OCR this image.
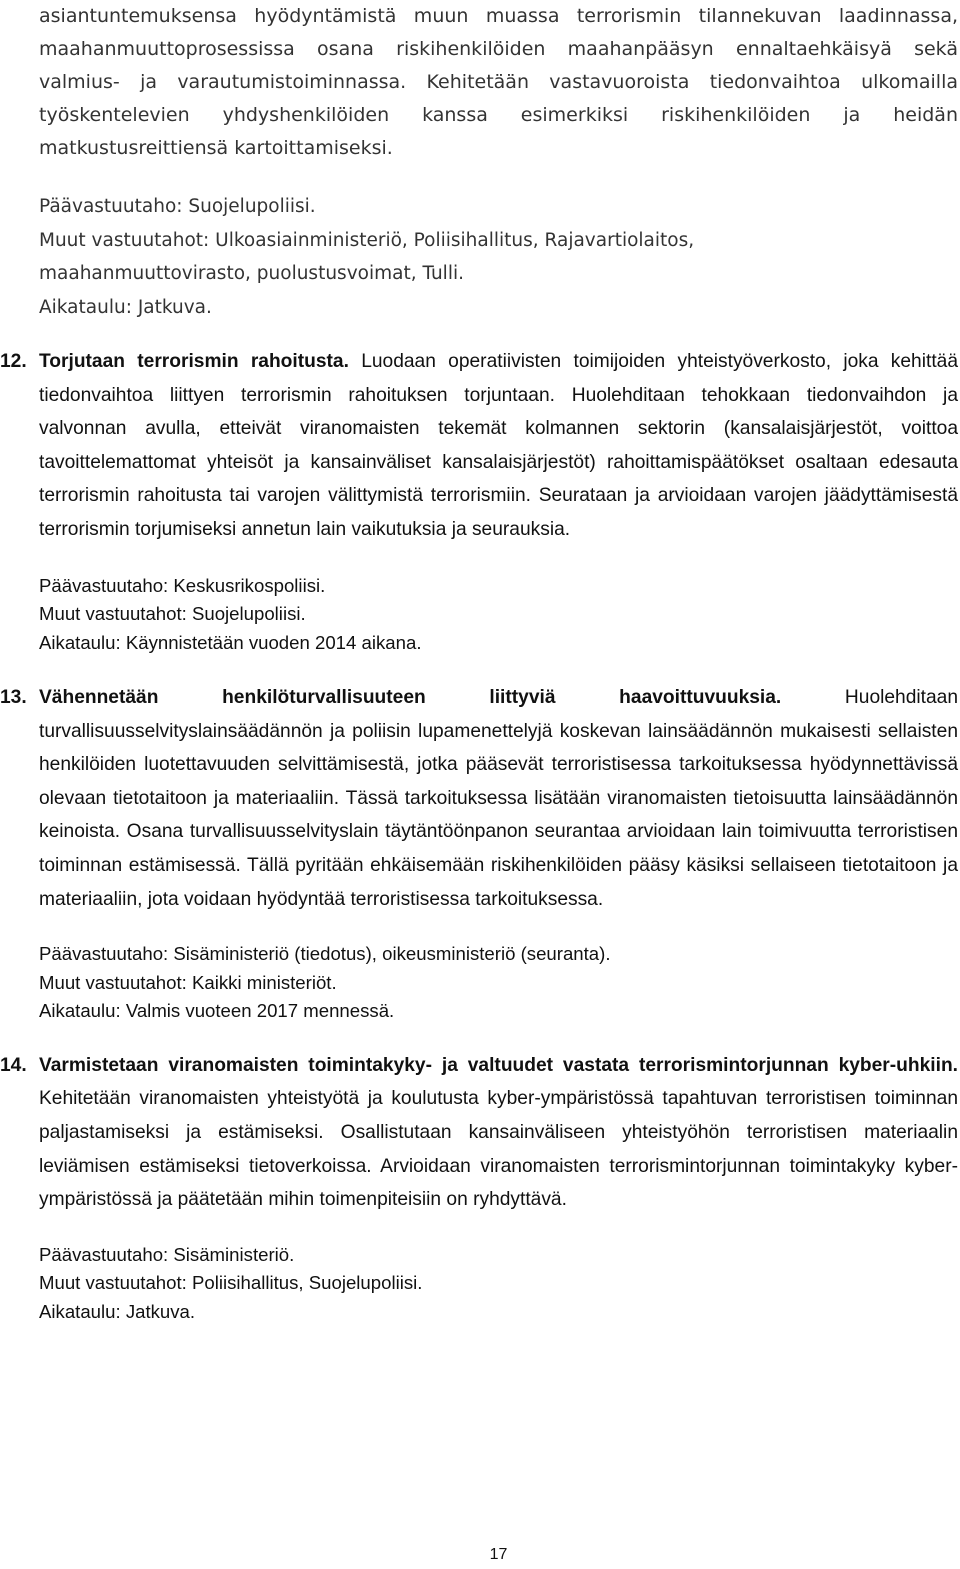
asiantuntemuksensa hyödyntämistä muun muassa terrorismin tilannekuvan laadinnassa, maahanmuuttoprosessissa osana riskihenkilöiden maahanpääsyn ennaltaehkäisyä sekä valmius- ja varautumistoiminnassa. Kehitetään vastavuoroista tiedonvaihtoa ulkomailla työskentelevien yhdyshenkilöiden kanssa esimerkiksi riskihenkilöiden ja heidän matkustusreittiensä kartoittamiseksi.

Päävastuutaho: Suojelupoliisi.
Muut vastuutahot: Ulkoasiainministeriö, Poliisihallitus, Rajavartiolaitos,
maahanmuuttovirasto, puolustusvoimat, Tulli.
Aikataulu: Jatkuva.
12. Torjutaan terrorismin rahoitusta. Luodaan operatiivisten toimijoiden yhteistyöverkosto, joka kehittää tiedonvaihtoa liittyen terrorismin rahoituksen torjuntaan. Huolehditaan tehokkaan tiedonvaihdon ja valvonnan avulla, etteivät viranomaisten tekemät kolmannen sektorin (kansalaisjärjestöt, voittoa tavoittelemattomat yhteisöt ja kansainväliset kansalaisjärjestöt) rahoittamispäätökset osaltaan edesauta terrorismin rahoitusta tai varojen välittymistä terrorismiin. Seurataan ja arvioidaan varojen jäädyttämisestä terrorismin torjumiseksi annetun lain vaikutuksia ja seurauksia.

Päävastuutaho: Keskusrikospoliisi.
Muut vastuutahot: Suojelupoliisi.
Aikataulu: Käynnistetään vuoden 2014 aikana.
13. Vähennetään henkilöturvallisuuteen liittyviä haavoittuvuuksia. Huolehditaan turvallisuusselvityslainsäädännön ja poliisin lupamenettelyjä koskevan lainsäädännön mukaisesti sellaisten henkilöiden luotettavuuden selvittämisestä, jotka pääsevät terroristisessa tarkoituksessa hyödynnettävissä olevaan tietotaitoon ja materiaaliin. Tässä tarkoituksessa lisätään viranomaisten tietoisuutta lainsäädännön keinoista. Osana turvallisuusselvityslain täytäntöönpanon seurantaa arvioidaan lain toimivuutta terroristisen toiminnan estämisessä. Tällä pyritään ehkäisemään riskihenkilöiden pääsy käsiksi sellaiseen tietotaitoon ja materiaaliin, jota voidaan hyödyntää terroristisessa tarkoituksessa.

Päävastuutaho: Sisäministeriö (tiedotus), oikeusministeriö (seuranta).
Muut vastuutahot: Kaikki ministeriöt.
Aikataulu: Valmis vuoteen 2017 mennessä.
14. Varmistetaan viranomaisten toimintakyky- ja valtuudet vastata terrorismintorjunnan kyber-uhkiin. Kehitetään viranomaisten yhteistyötä ja koulutusta kyber-ympäristössä tapahtuvan terroristisen toiminnan paljastamiseksi ja estämiseksi. Osallistutaan kansainväliseen yhteistyöhön terroristisen materiaalin leviämisen estämiseksi tietoverkoissa. Arvioidaan viranomaisten terrorismintorjunnan toimintakyky kyber-ympäristössä ja päätetään mihin toimenpiteisiin on ryhdyttävä.

Päävastuutaho: Sisäministeriö.
Muut vastuutahot: Poliisihallitus, Suojelupoliisi.
Aikataulu: Jatkuva.
17
